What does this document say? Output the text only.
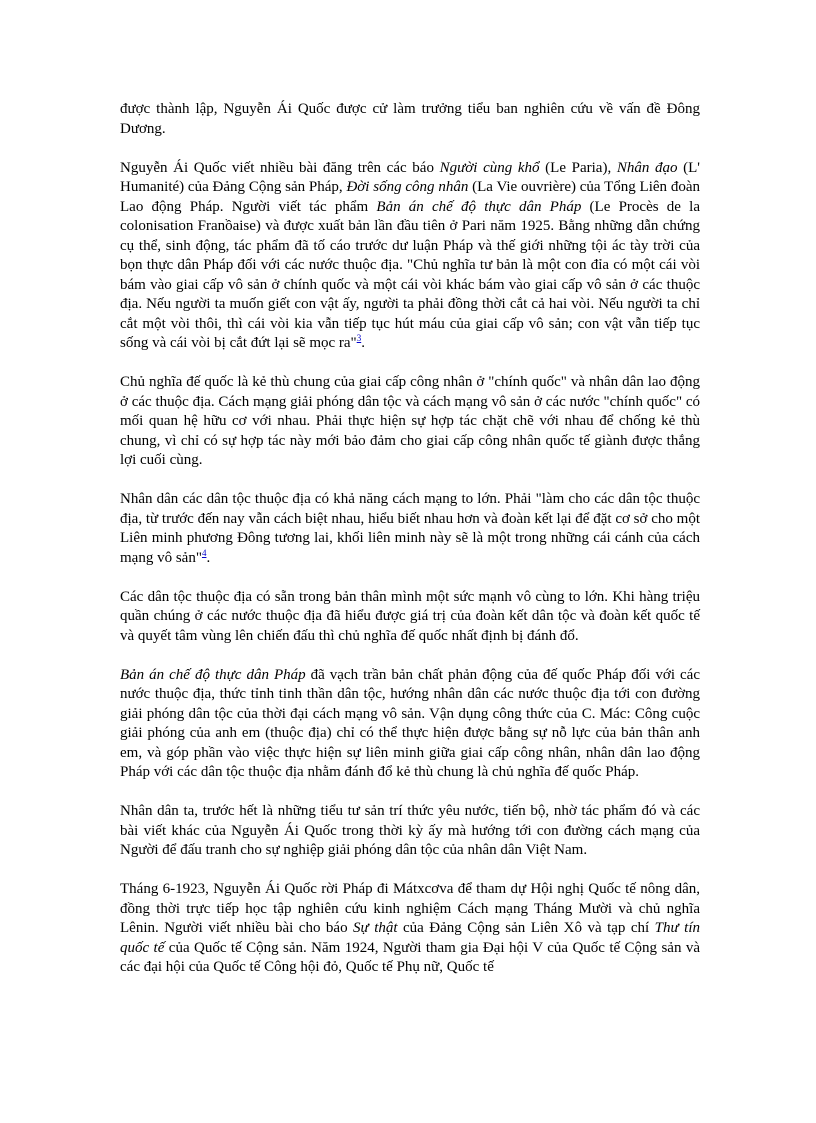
được thành lập, Nguyễn Ái Quốc được cử làm trưởng tiểu ban nghiên cứu về vấn đề Đông Dương.

Nguyễn Ái Quốc viết nhiều bài đăng trên các báo Người cùng khổ (Le Paria), Nhân đạo (L' Humanité) của Đảng Cộng sản Pháp, Đời sống công nhân (La Vie ouvrière) của Tổng Liên đoàn Lao động Pháp. Người viết tác phẩm Bản án chế độ thực dân Pháp (Le Procès de la colonisation Franồaise) và được xuất bản lần đầu tiên ở Pari năm 1925. Bằng những dẫn chứng cụ thể, sinh động, tác phẩm đã tố cáo trước dư luận Pháp và thế giới những tội ác tày trời của bọn thực dân Pháp đối với các nước thuộc địa. "Chủ nghĩa tư bản là một con đỉa có một cái vòi bám vào giai cấp vô sản ở chính quốc và một cái vòi khác bám vào giai cấp vô sản ở các thuộc địa. Nếu người ta muốn giết con vật ấy, người ta phải đồng thời cắt cả hai vòi. Nếu người ta chỉ cắt một vòi thôi, thì cái vòi kia vẫn tiếp tục hút máu của giai cấp vô sản; con vật vẫn tiếp tục sống và cái vòi bị cắt đứt lại sẽ mọc ra"$^3$.

Chủ nghĩa đế quốc là kẻ thù chung của giai cấp công nhân ở "chính quốc" và nhân dân lao động ở các thuộc địa. Cách mạng giải phóng dân tộc và cách mạng vô sản ở các nước "chính quốc" có mối quan hệ hữu cơ với nhau. Phải thực hiện sự hợp tác chặt chẽ với nhau để chống kẻ thù chung, vì chỉ có sự hợp tác này mới bảo đảm cho giai cấp công nhân quốc tế giành được thắng lợi cuối cùng.

Nhân dân các dân tộc thuộc địa có khả năng cách mạng to lớn. Phải "làm cho các dân tộc thuộc địa, từ trước đến nay vẫn cách biệt nhau, hiểu biết nhau hơn và đoàn kết lại để đặt cơ sở cho một Liên minh phương Đông tương lai, khối liên minh này sẽ là một trong những cái cánh của cách mạng vô sản"$^4$.

Các dân tộc thuộc địa có sẵn trong bản thân mình một sức mạnh vô cùng to lớn. Khi hàng triệu quần chúng ở các nước thuộc địa đã hiểu được giá trị của đoàn kết dân tộc và đoàn kết quốc tế và quyết tâm vùng lên chiến đấu thì chủ nghĩa đế quốc nhất định bị đánh đổ.

Bản án chế độ thực dân Pháp đã vạch trần bản chất phản động của đế quốc Pháp đối với các nước thuộc địa, thức tỉnh tinh thần dân tộc, hướng nhân dân các nước thuộc địa tới con đường giải phóng dân tộc của thời đại cách mạng vô sản. Vận dụng công thức của C. Mác: Công cuộc giải phóng của anh em (thuộc địa) chỉ có thể thực hiện được bằng sự nỗ lực của bản thân anh em, và góp phần vào việc thực hiện sự liên minh giữa giai cấp công nhân, nhân dân lao động Pháp với các dân tộc thuộc địa nhằm đánh đổ kẻ thù chung là chủ nghĩa đế quốc Pháp.

Nhân dân ta, trước hết là những tiểu tư sản trí thức yêu nước, tiến bộ, nhờ tác phẩm đó và các bài viết khác của Nguyễn Ái Quốc trong thời kỳ ấy mà hướng tới con đường cách mạng của Người để đấu tranh cho sự nghiệp giải phóng dân tộc của nhân dân Việt Nam.

Tháng 6-1923, Nguyễn Ái Quốc rời Pháp đi Mátxcơva để tham dự Hội nghị Quốc tế nông dân, đồng thời trực tiếp học tập nghiên cứu kinh nghiệm Cách mạng Tháng Mười và chủ nghĩa Lênin. Người viết nhiều bài cho báo Sự thật của Đảng Cộng sản Liên Xô và tạp chí Thư tín quốc tế của Quốc tế Cộng sản. Năm 1924, Người tham gia Đại hội V của Quốc tế Cộng sản và các đại hội của Quốc tế Công hội đỏ, Quốc tế Phụ nữ, Quốc tế
